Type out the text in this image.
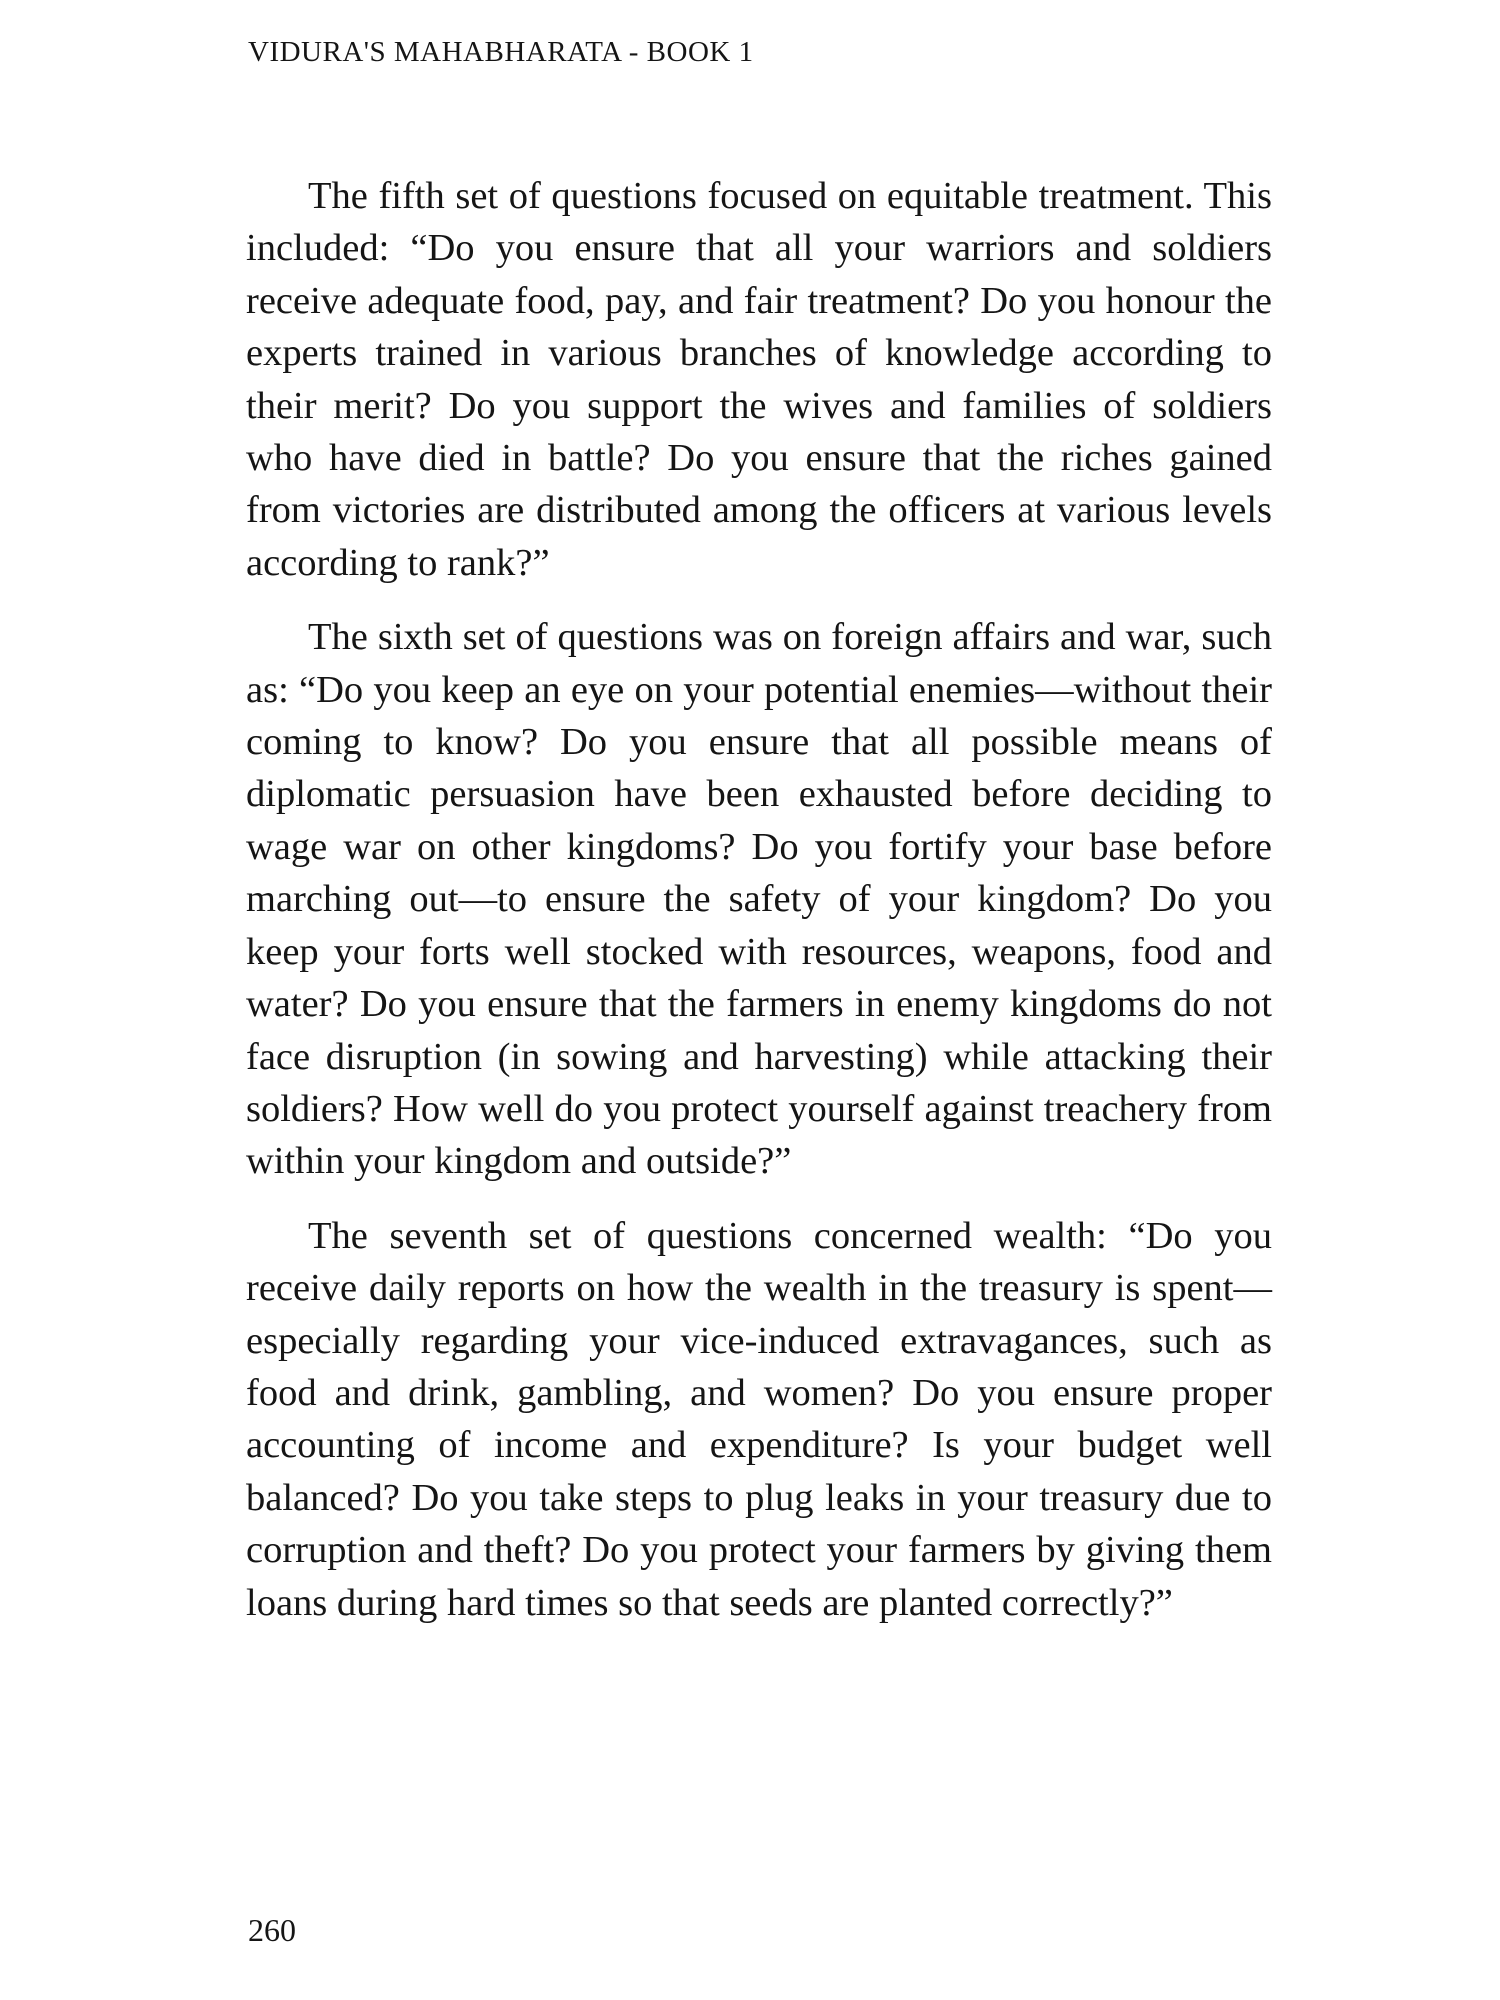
VIDURA'S MAHABHARATA - BOOK 1

The fifth set of questions focused on equitable treatment. This included: “Do you ensure that all your warriors and soldiers receive adequate food, pay, and fair treatment? Do you honour the experts trained in various branches of knowledge according to their merit? Do you support the wives and families of soldiers who have died in battle? Do you ensure that the riches gained from victories are distributed among the officers at various levels according to rank?”

The sixth set of questions was on foreign affairs and war, such as: “Do you keep an eye on your potential enemies—without their coming to know? Do you ensure that all possible means of diplomatic persuasion have been exhausted before deciding to wage war on other kingdoms? Do you fortify your base before marching out—to ensure the safety of your kingdom? Do you keep your forts well stocked with resources, weapons, food and water? Do you ensure that the farmers in enemy kingdoms do not face disruption (in sowing and harvesting) while attacking their soldiers? How well do you protect yourself against treachery from within your kingdom and outside?”

The seventh set of questions concerned wealth: “Do you receive daily reports on how the wealth in the treasury is spent—especially regarding your vice-induced extravagances, such as food and drink, gambling, and women? Do you ensure proper accounting of income and expenditure? Is your budget well balanced? Do you take steps to plug leaks in your treasury due to corruption and theft? Do you protect your farmers by giving them loans during hard times so that seeds are planted correctly?”

260
